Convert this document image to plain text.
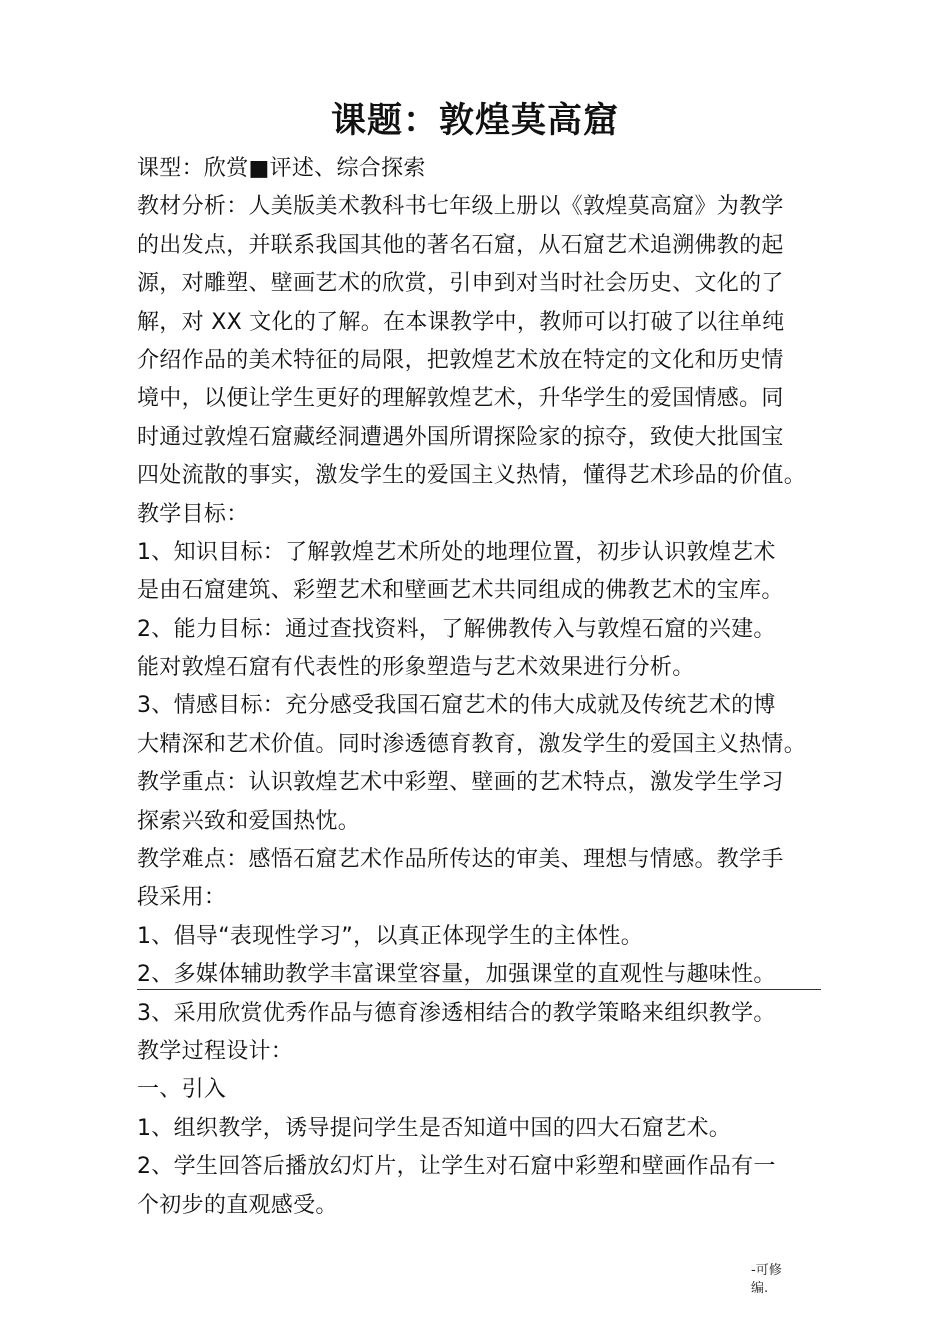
课题：敦煌莫高窟
课型：欣赏■评述、综合探索
教材分析：人美版美术教科书七年级上册以《敦煌莫高窟》为教学
的出发点，并联系我国其他的著名石窟，从石窟艺术追溯佛教的起
源，对雕塑、壁画艺术的欣赏，引申到对当时社会历史、文化的了
解，对 XX 文化的了解。在本课教学中，教师可以打破了以往单纯
介绍作品的美术特征的局限，把敦煌艺术放在特定的文化和历史情
境中，以便让学生更好的理解敦煌艺术，升华学生的爱国情感。同
时通过敦煌石窟藏经洞遭遇外国所谓探险家的掠夺，致使大批国宝
四处流散的事实，激发学生的爱国主义热情，懂得艺术珍品的价值。
教学目标：
1、知识目标：了解敦煌艺术所处的地理位置，初步认识敦煌艺术
是由石窟建筑、彩塑艺术和壁画艺术共同组成的佛教艺术的宝库。
2、能力目标：通过查找资料，了解佛教传入与敦煌石窟的兴建。
能对敦煌石窟有代表性的形象塑造与艺术效果进行分析。
3、情感目标：充分感受我国石窟艺术的伟大成就及传统艺术的博
大精深和艺术价值。同时渗透德育教育，激发学生的爱国主义热情。
教学重点：认识敦煌艺术中彩塑、壁画的艺术特点，激发学生学习
探索兴致和爱国热忱。
教学难点：感悟石窟艺术作品所传达的审美、理想与情感。教学手
段采用：
1、倡导“表现性学习”，以真正体现学生的主体性。
2、多媒体辅助教学丰富课堂容量，加强课堂的直观性与趣味性。
3、采用欣赏优秀作品与德育渗透相结合的教学策略来组织教学。
教学过程设计：
一、引入
1、组织教学，诱导提问学生是否知道中国的四大石窟艺术。
2、学生回答后播放幻灯片，让学生对石窟中彩塑和壁画作品有一
个初步的直观感受。
-可修
编.
